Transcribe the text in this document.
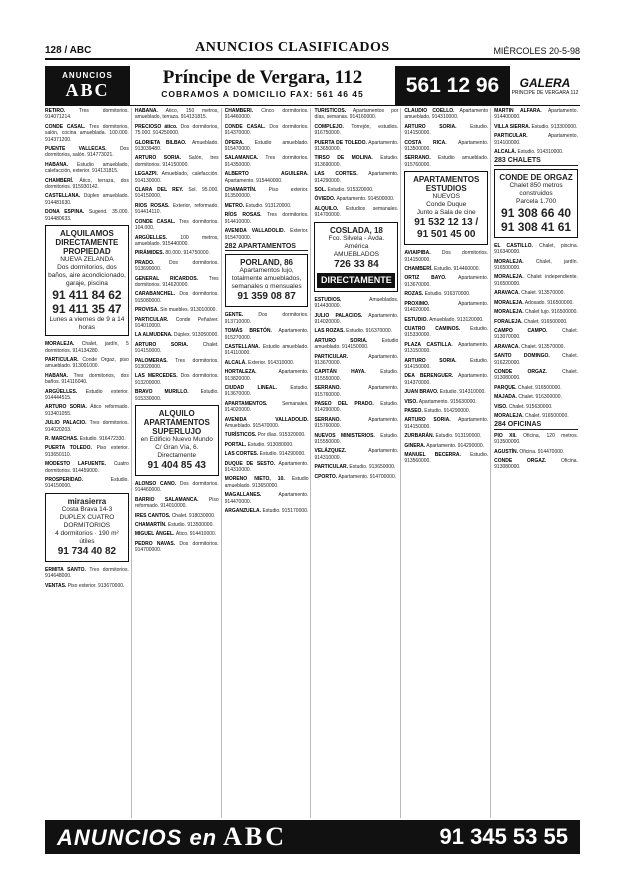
128 / ABC	ANUNCIOS CLASIFICADOS	MIÉRCOLES 20-5-98
ANUNCIOS
ABC
Príncipe de Vergara, 112
COBRAMOS A DOMICILIO FAX: 561 46 45	561 12 96	GALERA
PRINCIPE DE VERGARA 112
RETIRO.	Tres dormitorios. 914071214.
CONDE CASAL. Tres dormitorios, salón, cocina amueblada. 100.000. 914371200.
PUENTE VALLECAS.	Dos dormitorios, salón. 914773021.
HABANA. Estudio amueblado, calefacción, exterior. 914131815.
CHAMBERÍ. Ático, terraza, dos dormitorios. 915930142.
CASTELLANA. Dúplex amueblado. 914481630.
DONA ESPINA. Sugerid. 35.000. 914480633.
ALQUILAMOS DIRECTAMENTE PROPIEDAD
NUEVA ZELANDA
Dos dormitorios, dos baños, aire acondicionado, garaje, piscina
91 411 84 62
91 411 35 47
Lunes a viernes de 9 a 14 horas
MORALEJA. Chalet, jardín, 5 dormitorios. 914134280.
PARTICULAR. Conde Orgaz, piso amueblado. 913001000.
HABANA. Tres dormitorios, dos baños. 914116040.
ARGÜELLES. Estudio exterior. 914444515.
ARTURO SORIA. Ático reformado. 913401055.
JULIO PALACIO. Tres dormitorios. 914020203.
R. MARCHAS. Estudio. 916472330.
PUERTA TOLEDO. Piso exterior. 913650110.
MODESTO LAFUENTE. Cuatro dormitorios. 914459000.
PROSPERIDAD.	Estudio. 914150000.
mirasierra
Costa Brava 14-3
DUPLEX CUATRO DORMITORIOS
4 dormitorios · 190 m² útiles
91 734 40 82
ERMITA SANTO. Tres dormitorios. 914648000.
VENTAS. Piso exterior. 913670000.
HABANA. Ático, 150 metros, amueblado, terraza. 914131815.
PRECIOSO ático. Dos dormitorios, 75.000. 914250000.
GLORIETA BILBAO. Amueblado. 913039480.
ARTURO SORIA. Salón, tres dormitorios. 914150000.
LEGAZPI. Amueblado, calefacción. 914130000.
CLARA DEL REY. Sol. 95.000. 914150000.
RIOS ROSAS. Exterior, reformado. 914414110.
CONDE CASAL. Tres dormitorios. 104.000.
ARGÜELLES.	100 metros, amueblado. 915440000.
PIRÁMIDES. 80.000. 914750000.
PRADO.	Dos dormitorios. 913690000.
GENERAL RICARDOS. Tres dormitorios. 914620000.
CARABANCHEL. Dos dormitorios. 915080000.
PROVISA. Sin muebles. 913010000.
PARTICULAR. Conde Peñalver. 914010000.
LA ALMUDENA. Dúplex. 913050000.
ARTURO SORIA.	Chalet. 914150000.
PALOMERAS. Tres dormitorios. 913020000.
LAS MERCEDES. Dos dormitorios. 913200000.
BRAVO MURILLO. Estudio. 915330000.
ALQUILO APARTAMENTOS SUPERLUJO
en Edificio Nuevo Mundo
C/ Gran Vía, 6. Directamente
91 404 85 43
ALONSO CANO. Dos dormitorios. 914460000.
BARRIO SALAMANCA. Piso reformado. 914010000.
IRES CANTOS. Chalet. 918030000.
CHAMARTÍN. Estudio. 913500000.
MIGUEL ÁNGEL. Ático. 914410000.
PEDRO NAVAS. Dos dormitorios. 914700000.
CHAMBERÍ. Cinco dormitorios. 914460000.
CONDE CASAL. Dos dormitorios. 914370000.
ÓPERA. Estudio amueblado. 915470000.
SALAMANCA. Tres dormitorios. 914350000.
ALBERTO AGUILERA. Apartamento. 915440000.
CHAMARTÍN. Piso exterior. 913500000.
METRO. Estudio. 913120000.
RÍOS ROSAS. Tres dormitorios. 914410000.
AVENIDA VALLADOLID. Exterior. 915470000.
282 APARTAMENTOS
PORLAND, 86
Apartamentos lujo, totalmente amueblados, semanales o mensuales
91 359 08 87
GENTE.	Dos dormitorios. 913710000.
TOMÁS BRETÓN. Apartamento. 915270000.
CASTELLANA. Estudio amueblado. 914110000.
ALCALÁ. Exterior. 914310000.
HORTALEZA.	Apartamento. 913820000.
CIUDAD LINEAL.	Estudio. 913670000.
APARTAMENTOS.	Semanales. 914020000.
AVENIDA VALLADOLID. Amueblado. 915470000.
TURÍSTICOS. Por días. 915320000.
PORTAL. Estudio. 913080000.
LAS CORTES. Estudio. 914290000.
DUQUE DE SESTO. Apartamento. 914310000.
MORENO NIETO, 10. Estudio amueblado. 913650000.
MAGALLANES.	Apartamento. 914470000.
ARGANZUELA. Estudio. 915170000.
TURÍSTICOS. Apartamentos por días, semanas. 914160000.
COMPLEJO. Torrejón, estudios. 916750000.
PUERTA DE TOLEDO. Apartamento. 913650000.
TIRSO DE MOLINA. Estudio. 913690000.
LAS CORTES. Apartamento. 914290000.
SOL. Estudio. 915320000.
ÓVIEDO. Apartamento. 914500000.
ALQUILO. Estudios semanales. 914700000.
COSLADA, 18
Fco. Silvela - Avda. América
AMUEBLADOS
726 33 84
DIRECTAMENTE
ESTUDIOS.	Amueblados. 914430000.
JULIO PALACIOS. Apartamento. 914020000.
LAS ROZAS. Estudio. 916370000.
ARTURO SORIA.	Estudio amueblado. 914150000.
PARTICULAR.	Apartamento. 913670000.
CAPITÁN HAYA.	Estudio. 915550000.
SERRANO.	Apartamento. 915760000.
PASEO DEL PRADO. Estudio. 914290000.
SERRANO.	Apartamento. 915760000.
NUEVOS MINISTERIOS. Estudio. 915550000.
VELÁZQUEZ.	Apartamento. 914310000.
PARTICULAR. Estudio. 913650000.
CPORTO. Apartamento. 914700000.
CLAUDIO COELLO. Apartamento amueblado. 914310000.
ARTURO SORIA.	Estudio. 914150000.
COSTA RICA. Apartamento. 913500000.
SERRANO. Estudio amueblado. 915760000.
APARTAMENTOS ESTUDIOS
NUEVOS
Conde Duque
Junto a Sala de cine
91 532 12 13 / 91 501 45 00
AVIAIPIBA. Dos dormitorios. 914150000.
CHAMBERÍ. Estudio. 914460000.
ORTIZ BAYO. Apartamento. 913670000.
ROZAS. Estudio. 916370000.
PROXIMO.	Apartamento. 914020000.
ESTUDIO. Amueblado. 913120000.
CUATRO CAMINOS. Estudio. 915330000.
PLAZA CASTILLA. Apartamento. 913150000.
ARTURO SORIA.	Estudio. 914150000.
DEA BERENGUER. Apartamento. 914370000.
JUAN BRAVO. Estudio. 914310000.
VISO. Apartamento. 915630000.
PASEO. Estudio. 914290000.
ARTURO SORIA. Apartamento. 914150000.
ZURBARÁN. Estudio. 913190000.
GINERA. Apartamento. 914290000.
MANUEL BECERRA. Estudio. 913560000.
MARTÍN ALFARA. Apartamento. 914400000.
VILLA SIERRA. Estudio. 913300000.
PARTICULAR.	Apartamento. 914100000.
ALCALÁ. Estudio. 914310000.
283 CHALETS
CONDE DE ORGAZ
Chalet 850 metros construidos
Parcela 1.700
91 308 66 40
91 308 41 61
EL CASTILLO. Chalet, piscina. 916340000.
MORALEJA. Chalet, jardín. 916500000.
MORALEJA. Chalet independiente. 916500000.
ARAVACA. Chalet. 913570000.
MORALEJA. Adosado. 916500000.
MORALEJA. Chalet lujo. 916500000.
FORALEJA. Chalet. 916500000.
CAMPO CAMPO.	Chalet. 913070000.
ARAVACA. Chalet. 913570000.
SANTO DOMINGO. Chalet. 916220000.
CONDE ORGAZ.	Chalet. 913080000.
PARQUE. Chalet. 916500000.
MAJADA. Chalet. 916300000.
VISO. Chalet. 915630000.
MORALEJA. Chalet. 916500000.
284 OFICINAS
PIO XII. Oficina, 120 metros. 913500000.
AGUSTÍN. Oficina. 914470000.
CONDE ORGAZ.	Oficina. 913080000.
ANUNCIOS en ABC	91 345 53 55
